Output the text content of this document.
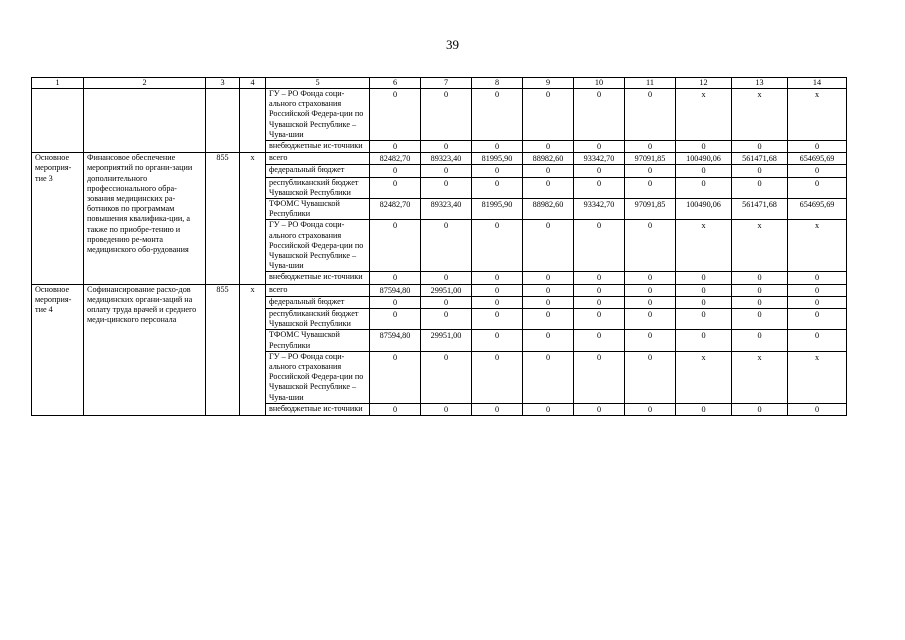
39
1	2	3	4	5	6	7	8	9	10	11	12	13	14
				ГУ – РО Фонда соци-ального страхования Российской Федера-ции по Чувашской Республике – Чува-шии	0	0	0	0	0	0	x	x	x
				внебюджетные ис-точники	0	0	0	0	0	0	0	0	0
Основное мероприя-тие 3	Финансовое обеспечение мероприятий по органи-зации дополнительного профессионального обра-зования медицинских ра-ботников по программам повышения квалифика-ции, а также по приобре-тению и проведению ре-монта медицинского обо-рудования	855	x	всего	82482,70	89323,40	81995,90	88982,60	93342,70	97091,85	100490,06	561471,68	654695,69
				федеральный бюджет	0	0	0	0	0	0	0	0	0
				республиканский бюджет Чувашской Республики	0	0	0	0	0	0	0	0	0
				ТФОМС Чувашской Республики	82482,70	89323,40	81995,90	88982,60	93342,70	97091,85	100490,06	561471,68	654695,69
				ГУ – РО Фонда соци-ального страхования Российской Федера-ции по Чувашской Республике – Чува-шии	0	0	0	0	0	0	x	x	x
				внебюджетные ис-точники	0	0	0	0	0	0	0	0	0
Основное мероприя-тие 4	Софинансирование расхо-дов медицинских органи-заций на оплату труда врачей и среднего меди-цинского персонала	855	x	всего	87594,80	29951,00	0	0	0	0	0	0	0
				федеральный бюджет	0	0	0	0	0	0	0	0	0
				республиканский бюджет Чувашской Республики	0	0	0	0	0	0	0	0	0
				ТФОМС Чувашской Республики	87594,80	29951,00	0	0	0	0	0	0	0
				ГУ – РО Фонда соци-ального страхования Российской Федера-ции по Чувашской Республике – Чува-шии	0	0	0	0	0	0	x	x	x
				внебюджетные ис-точники	0	0	0	0	0	0	0	0	0
